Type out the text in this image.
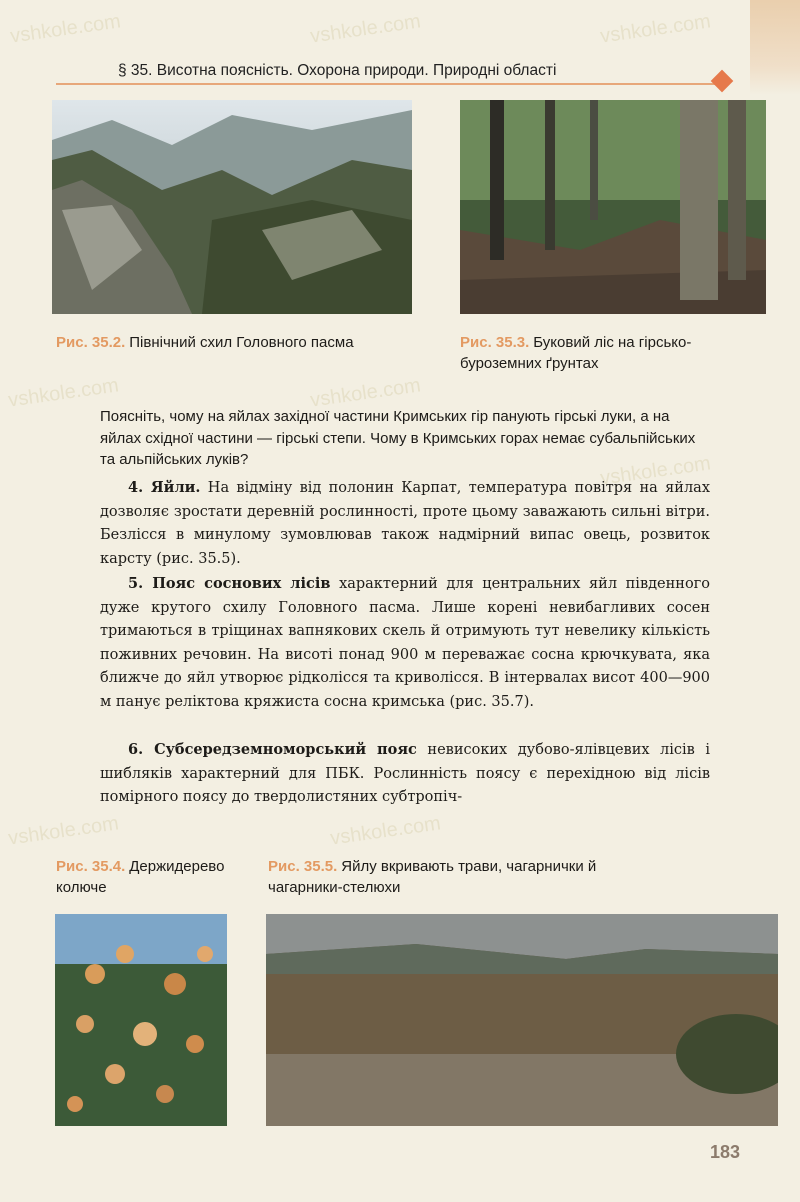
vshkole.com	vshkole.com	vshkole.com
vshkole.com	vshkole.com
vshkole.com
vshkole.com	vshkole.com
§ 35. Висотна поясність. Охорона природи. Природні області
Рис. 35.2. Північний схил Головного пасма	Рис. 35.3. Буковий ліс на гірсько-буроземних ґрунтах
Поясніть, чому на яйлах західної частини Кримських гір панують гірські луки, а на яйлах східної частини — гірські степи. Чому в Кримських горах немає субальпійських та альпійських луків?

4. Яйли. На відміну від полонин Карпат, температура повітря на яйлах дозволяє зростати деревній рослинності, проте цьому заважають сильні вітри. Безлісся в минулому зумовлював також надмірний випас овець, розвиток карсту (рис. 35.5).

5. Пояс соснових лісів характерний для центральних яйл південного дуже крутого схилу Головного пасма. Лише корені невибагливих сосен тримаються в тріщинах вапнякових скель й отримують тут невелику кількість поживних речовин. На висоті понад 900 м переважає сосна крючкувата, яка ближче до яйл утворює рідколісся та криволісся. В інтервалах висот 400—900 м панує реліктова кряжиста сосна кримська (рис. 35.7).

6. Субсередземноморський пояс невисоких дубово-ялівцевих лісів і шибляків характерний для ПБК. Рослинність поясу є перехідною від лісів помірного поясу до твердолистяних субтропіч-

Рис. 35.4. Держидерево колюче
Рис. 35.5. Яйлу вкривають трави, чагарнички й чагарники-стелюхи
183
